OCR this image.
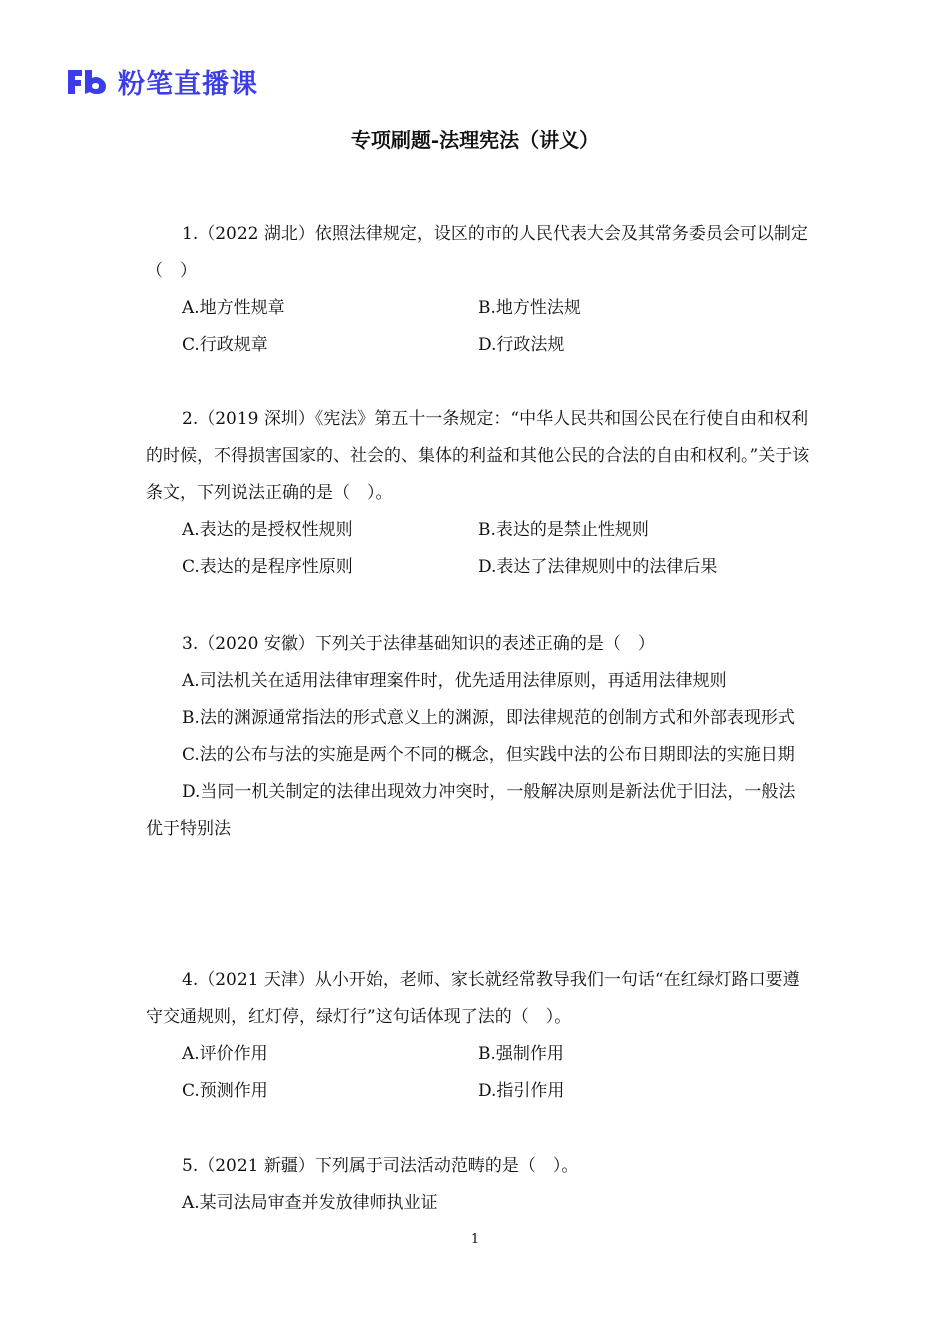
粉笔直播课
专项刷题-法理宪法（讲义）
1.（2022 湖北）依照法律规定，设区的市的人民代表大会及其常务委员会可以制定（　）
A.地方性规章	B.地方性法规
C.行政规章	D.行政法规
2.（2019 深圳）《宪法》第五十一条规定：“中华人民共和国公民在行使自由和权利的时候，不得损害国家的、社会的、集体的利益和其他公民的合法的自由和权利。”关于该条文，下列说法正确的是（　）。
A.表达的是授权性规则	B.表达的是禁止性规则
C.表达的是程序性原则	D.表达了法律规则中的法律后果
3.（2020 安徽）下列关于法律基础知识的表述正确的是（　）
A.司法机关在适用法律审理案件时，优先适用法律原则，再适用法律规则
B.法的渊源通常指法的形式意义上的渊源，即法律规范的创制方式和外部表现形式
C.法的公布与法的实施是两个不同的概念，但实践中法的公布日期即法的实施日期
D.当同一机关制定的法律出现效力冲突时，一般解决原则是新法优于旧法，一般法优于特别法
4.（2021 天津）从小开始，老师、家长就经常教导我们一句话“在红绿灯路口要遵守交通规则，红灯停，绿灯行”这句话体现了法的（　）。
A.评价作用	B.强制作用
C.预测作用	D.指引作用
5.（2021 新疆）下列属于司法活动范畴的是（　）。
A.某司法局审查并发放律师执业证
1
